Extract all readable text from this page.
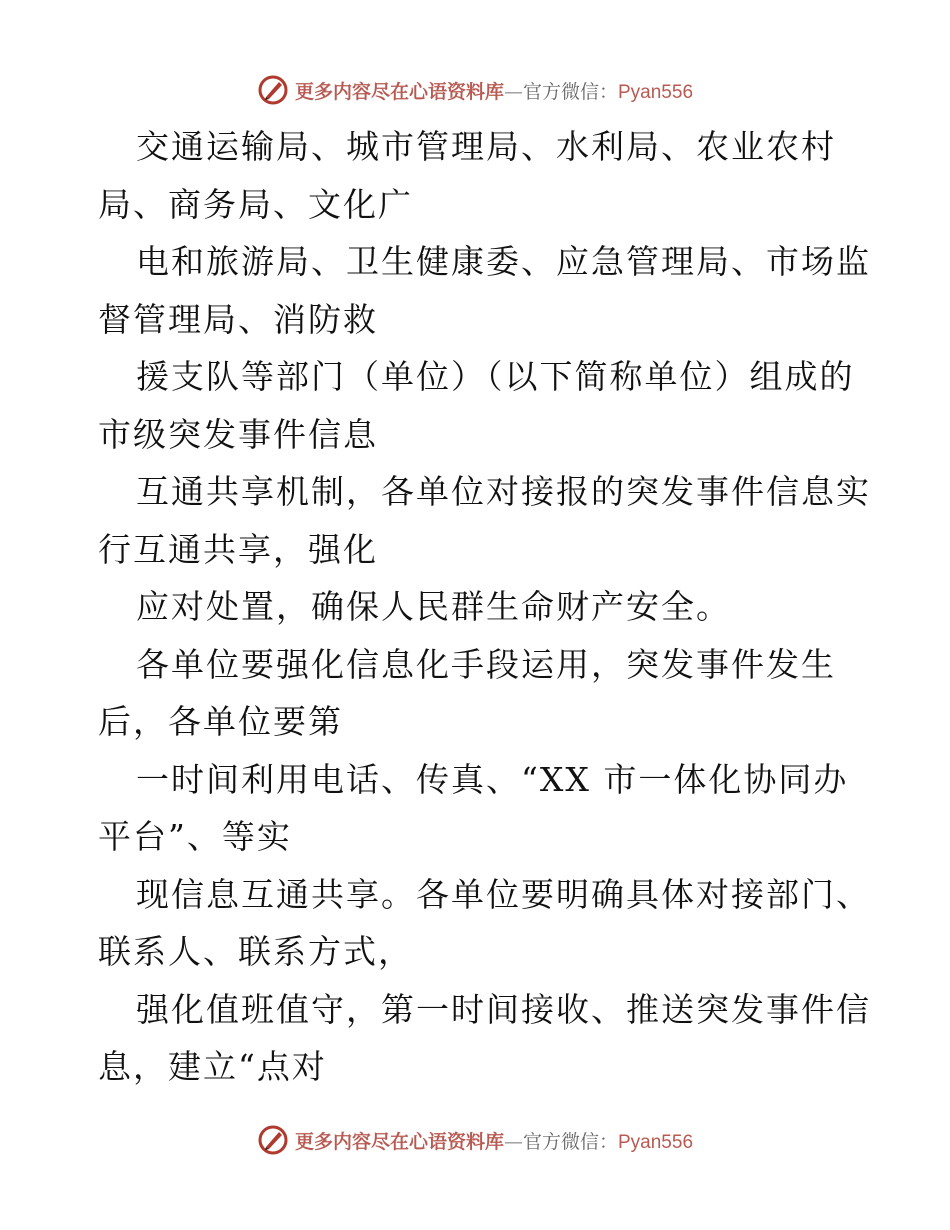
更多内容尽在心语资料库—官方微信：Pyan556
交通运输局、城市管理局、水利局、农业农村
局、商务局、文化广
电和旅游局、卫生健康委、应急管理局、市场监
督管理局、消防救
援支队等部门（单位）（以下简称单位）组成的
市级突发事件信息
互通共享机制，各单位对接报的突发事件信息实
行互通共享，强化
应对处置，确保人民群生命财产安全。
各单位要强化信息化手段运用，突发事件发生
后，各单位要第
一时间利用电话、传真、“XX 市一体化协同办
平台”、等实
现信息互通共享。各单位要明确具体对接部门、
联系人、联系方式，
强化值班值守，第一时间接收、推送突发事件信
息，建立“点对
更多内容尽在心语资料库—官方微信：Pyan556
